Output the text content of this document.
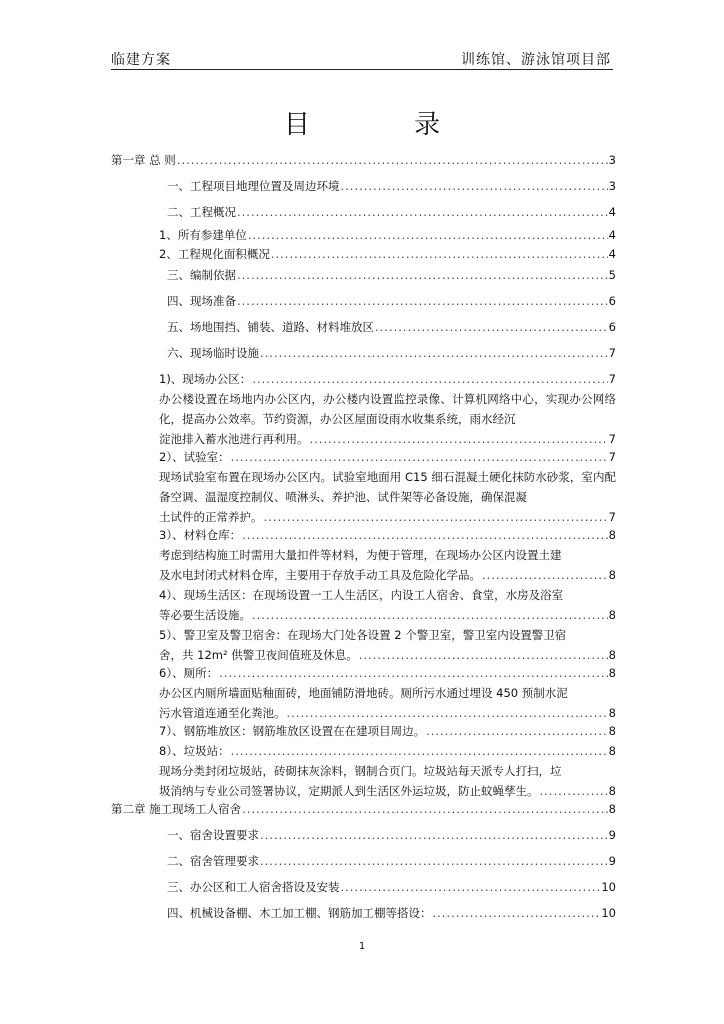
临建方案	训练馆、游泳馆项目部
目 录
第一章 总 则 .....	3
一、工程项目地理位置及周边环境 .....	3
二、工程概况 .....	4
1、所有参建单位 .....	4
2、工程规化面积概况 .....	4
三、编制依据 .....	5
四、现场准备 .....	6
五、场地围挡、铺装、道路、材料堆放区 .....	6
六、现场临时设施 .....	7
1)、现场办公区： .....	7
办公楼设置在场地内办公区内，办公楼内设置监控录像、计算机网络中心，实现办公网络化，提高办公效率。节约资源，办公区屋面设雨水收集系统，雨水经沉
淀池排入蓄水池进行再利用。 .....	7
2）、试验室： .....	7
现场试验室布置在现场办公区内。试验室地面用 C15 细石混凝土硬化抹防水砂浆，室内配备空调、温湿度控制仪、喷淋头、养护池、试件架等必备设施，确保混凝
土试件的正常养护。 .....	7
3）、材料仓库： .....	8
考虑到结构施工时需用大量扣件等材料，为便于管理，在现场办公区内设置土建
及水电封闭式材料仓库，主要用于存放手动工具及危险化学品。 .....	8
4）、现场生活区：在现场设置一工人生活区，内设工人宿舍、食堂，水房及浴室
等必要生活设施。 .....	8
5）、警卫室及警卫宿舍：在现场大门处各设置 2 个警卫室，警卫室内设置警卫宿
舍，共 12m² 供警卫夜间值班及休息。 .....	8
6）、厕所： .....	8
办公区内厕所墙面贴釉面砖，地面铺防滑地砖。厕所污水通过埋设 450 预制水泥
污水管道连通至化粪池。 .....	8
7）、钢筋堆放区：钢筋堆放区设置在在建项目周边。 .....	8
8）、垃圾站： .....	8
现场分类封闭垃圾站，砖砌抹灰涂料，钢制合页门。垃圾站每天派专人打扫，垃
圾消纳与专业公司签署协议，定期派人到生活区外运垃圾，防止蚊蝇孳生。 .....	8
第二章 施工现场工人宿舍 .....	8
一、宿舍设置要求 .....	9
二、宿舍管理要求 .....	9
三、办公区和工人宿舍搭设及安装 .....	10
四、机械设备棚、木工加工棚、钢筋加工棚等搭设： .....	10
1
